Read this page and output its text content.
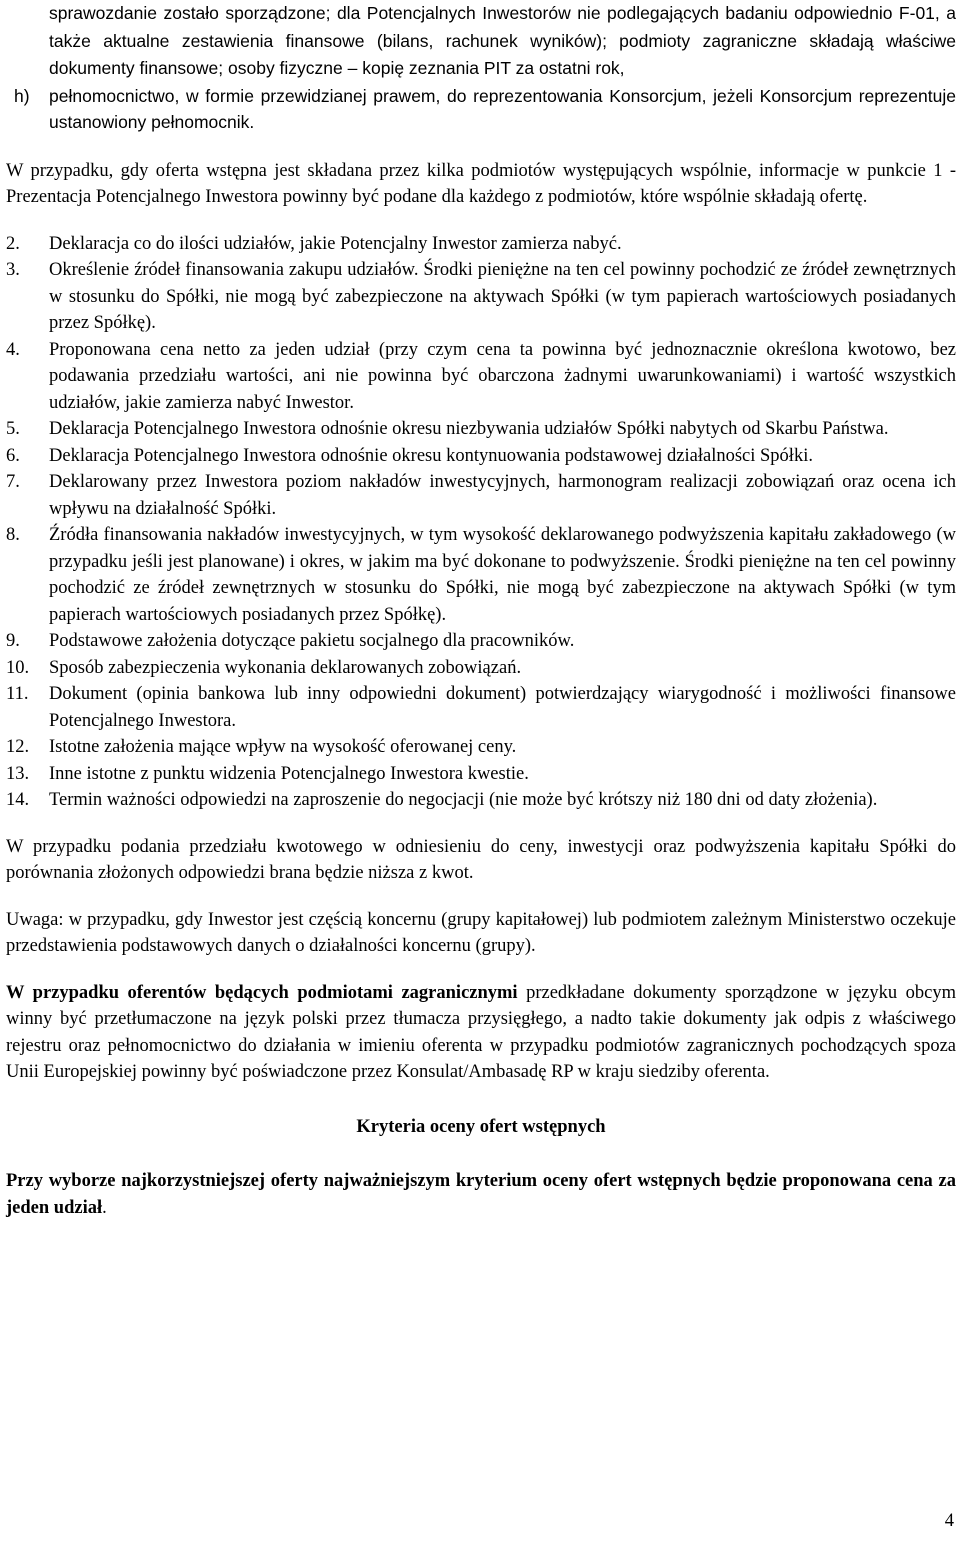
sprawozdanie zostało sporządzone; dla Potencjalnych Inwestorów nie podlegających badaniu odpowiednio F-01, a także aktualne zestawienia finansowe (bilans, rachunek wyników); podmioty zagraniczne składają właściwe dokumenty finansowe; osoby fizyczne – kopię zeznania PIT za ostatni rok,
h) pełnomocnictwo, w formie przewidzianej prawem, do reprezentowania Konsorcjum, jeżeli Konsorcjum reprezentuje ustanowiony pełnomocnik.

W przypadku, gdy oferta wstępna jest składana przez kilka podmiotów występujących wspólnie, informacje w punkcie 1 - Prezentacja Potencjalnego Inwestora powinny być podane dla każdego z podmiotów, które wspólnie składają ofertę.

2. Deklaracja co do ilości udziałów, jakie Potencjalny Inwestor zamierza nabyć.
3. Określenie źródeł finansowania zakupu udziałów. Środki pieniężne na ten cel powinny pochodzić ze źródeł zewnętrznych w stosunku do Spółki, nie mogą być zabezpieczone na aktywach Spółki (w tym papierach wartościowych posiadanych przez Spółkę).
4. Proponowana cena netto za jeden udział (przy czym cena ta powinna być jednoznacznie określona kwotowo, bez podawania przedziału wartości, ani nie powinna być obarczona żadnymi uwarunkowaniami) i wartość wszystkich udziałów, jakie zamierza nabyć Inwestor.
5. Deklaracja Potencjalnego Inwestora odnośnie okresu niezbywania udziałów Spółki nabytych od Skarbu Państwa.
6. Deklaracja Potencjalnego Inwestora odnośnie okresu kontynuowania podstawowej działalności Spółki.
7. Deklarowany przez Inwestora poziom nakładów inwestycyjnych, harmonogram realizacji zobowiązań oraz ocena ich wpływu na działalność Spółki.
8. Źródła finansowania nakładów inwestycyjnych, w tym wysokość deklarowanego podwyższenia kapitału zakładowego (w przypadku jeśli jest planowane) i okres, w jakim ma być dokonane to podwyższenie. Środki pieniężne na ten cel powinny pochodzić ze źródeł zewnętrznych w stosunku do Spółki, nie mogą być zabezpieczone na aktywach Spółki (w tym papierach wartościowych posiadanych przez Spółkę).
9. Podstawowe założenia dotyczące pakietu socjalnego dla pracowników.
10. Sposób zabezpieczenia wykonania deklarowanych zobowiązań.
11. Dokument (opinia bankowa lub inny odpowiedni dokument) potwierdzający wiarygodność i możliwości finansowe Potencjalnego Inwestora.
12. Istotne założenia mające wpływ na wysokość oferowanej ceny.
13. Inne istotne z punktu widzenia Potencjalnego Inwestora kwestie.
14. Termin ważności odpowiedzi na zaproszenie do negocjacji (nie może być krótszy niż 180 dni od daty złożenia).

W przypadku podania przedziału kwotowego w odniesieniu do ceny, inwestycji oraz podwyższenia kapitału Spółki do porównania złożonych odpowiedzi brana będzie niższa z kwot.

Uwaga: w przypadku, gdy Inwestor jest częścią koncernu (grupy kapitałowej) lub podmiotem zależnym Ministerstwo oczekuje przedstawienia podstawowych danych o działalności koncernu (grupy).

W przypadku oferentów będących podmiotami zagranicznymi przedkładane dokumenty sporządzone w języku obcym winny być przetłumaczone na język polski przez tłumacza przysięgłego, a nadto takie dokumenty jak odpis z właściwego rejestru oraz pełnomocnictwo do działania w imieniu oferenta w przypadku podmiotów zagranicznych pochodzących spoza Unii Europejskiej powinny być poświadczone przez Konsulat/Ambasadę RP w kraju siedziby oferenta.

Kryteria oceny ofert wstępnych

Przy wyborze najkorzystniejszej oferty najważniejszym kryterium oceny ofert wstępnych będzie proponowana cena za jeden udział.

4
